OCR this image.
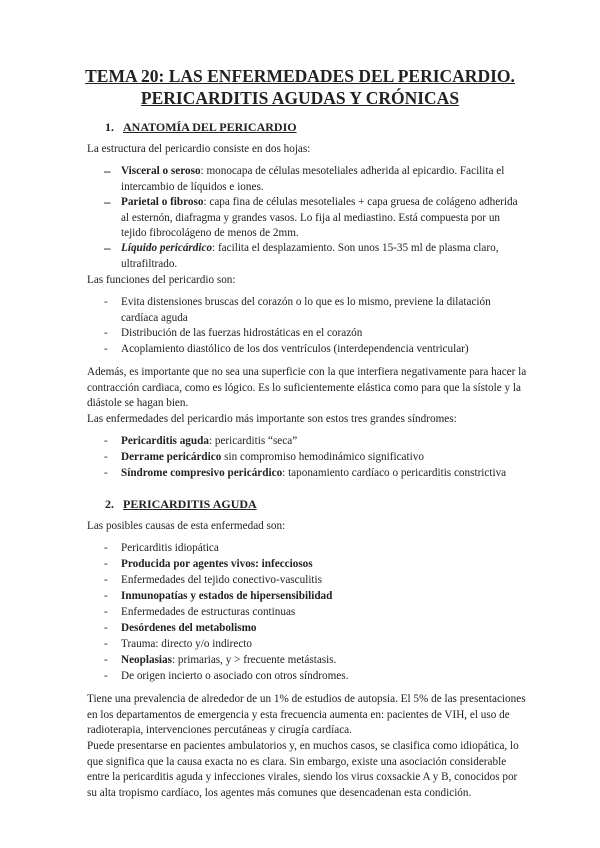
TEMA 20: LAS ENFERMEDADES DEL PERICARDIO.
PERICARDITIS AGUDAS Y CRÓNICAS
1. ANATOMÍA DEL PERICARDIO
La estructura del pericardio consiste en dos hojas:
– Visceral o seroso: monocapa de células mesoteliales adherida al epicardio. Facilita el intercambio de líquidos e iones.
– Parietal o fibroso: capa fina de células mesoteliales + capa gruesa de colágeno adherida al esternón, diafragma y grandes vasos. Lo fija al mediastino. Está compuesta por un tejido fibrocolágeno de menos de 2mm.
– Líquido pericárdico: facilita el desplazamiento. Son unos 15-35 ml de plasma claro, ultrafiltrado.
Las funciones del pericardio son:
- Evita distensiones bruscas del corazón o lo que es lo mismo, previene la dilatación cardíaca aguda
- Distribución de las fuerzas hidrostáticas en el corazón
- Acoplamiento diastólico de los dos ventrículos (interdependencia ventricular)
Además, es importante que no sea una superficie con la que interfiera negativamente para hacer la contracción cardiaca, como es lógico. Es lo suficientemente elástica como para que la sístole y la diástole se hagan bien.
Las enfermedades del pericardio más importante son estos tres grandes síndromes:
- Pericarditis aguda: pericarditis “seca”
- Derrame pericárdico sin compromiso hemodinámico significativo
- Síndrome compresivo pericárdico: taponamiento cardíaco o pericarditis constrictiva
2. PERICARDITIS AGUDA
Las posibles causas de esta enfermedad son:
- Pericarditis idiopática
- Producida por agentes vivos: infecciosos
- Enfermedades del tejido conectivo-vasculitis
- Inmunopatías y estados de hipersensibilidad
- Enfermedades de estructuras continuas
- Desórdenes del metabolismo
- Trauma: directo y/o indirecto
- Neoplasias: primarias, y > frecuente metástasis.
- De origen incierto o asociado con otros síndromes.
Tiene una prevalencia de alrededor de un 1% de estudios de autopsia. El 5% de las presentaciones en los departamentos de emergencia y esta frecuencia aumenta en: pacientes de VIH, el uso de radioterapia, intervenciones percutáneas y cirugía cardíaca.
Puede presentarse en pacientes ambulatorios y, en muchos casos, se clasifica como idiopática, lo que significa que la causa exacta no es clara. Sin embargo, existe una asociación considerable entre la pericarditis aguda y infecciones virales, siendo los virus coxsackie A y B, conocidos por su alta tropismo cardíaco, los agentes más comunes que desencadenan esta condición.
